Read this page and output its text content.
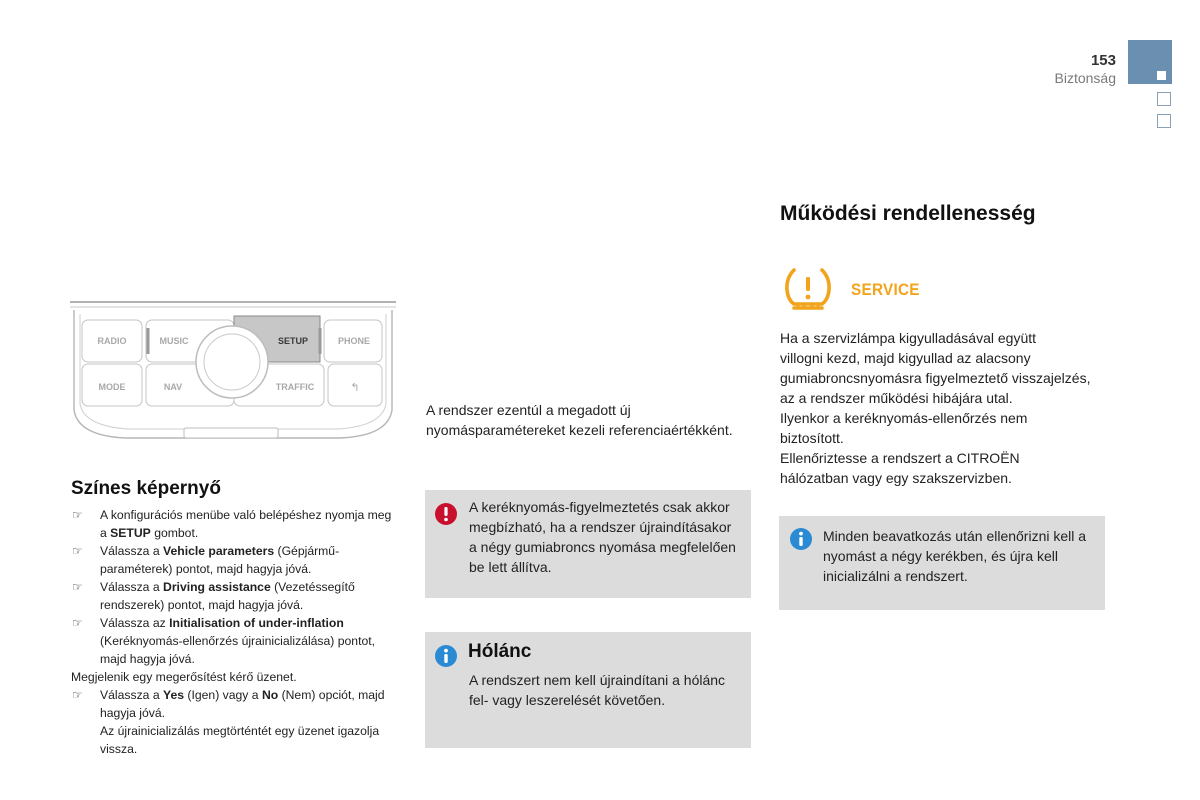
153
Biztonság
RADIO	MUSIC	SETUP	PHONE
MODE	NAV	TRAFFIC	↰
Színes képernyő
☞ A konfigurációs menübe való belépéshez nyomja meg a SETUP gombot.
☞ Válassza a Vehicle parameters (Gépjármű-paraméterek) pontot, majd hagyja jóvá.
☞ Válassza a Driving assistance (Vezetéssegítő rendszerek) pontot, majd hagyja jóvá.
☞ Válassza az Initialisation of under-inflation (Keréknyomás-ellenőrzés újrainicializálása) pontot, majd hagyja jóvá.
Megjelenik egy megerősítést kérő üzenet.
☞ Válassza a Yes (Igen) vagy a No (Nem) opciót, majd hagyja jóvá.
Az újrainicializálás megtörténtét egy üzenet igazolja vissza.
A rendszer ezentúl a megadott új nyomásparamétereket kezeli referenciaértékként.
A keréknyomás-figyelmeztetés csak akkor megbízható, ha a rendszer újraindításakor a négy gumiabroncs nyomása megfelelően be lett állítva.
Hólánc
A rendszert nem kell újraindítani a hólánc fel- vagy leszerelését követően.
Működési rendellenesség
SERVICE
Ha a szervizlámpa kigyulladásával együtt
villogni kezd, majd kigyullad az alacsony
gumiabroncsnyomásra figyelmeztető visszajelzés,
az a rendszer működési hibájára utal.
Ilyenkor a keréknyomás-ellenőrzés nem
biztosított.
Ellenőriztesse a rendszert a CITROËN
hálózatban vagy egy szakszervizben.
Minden beavatkozás után ellenőrizni kell a nyomást a négy kerékben, és újra kell inicializálni a rendszert.
